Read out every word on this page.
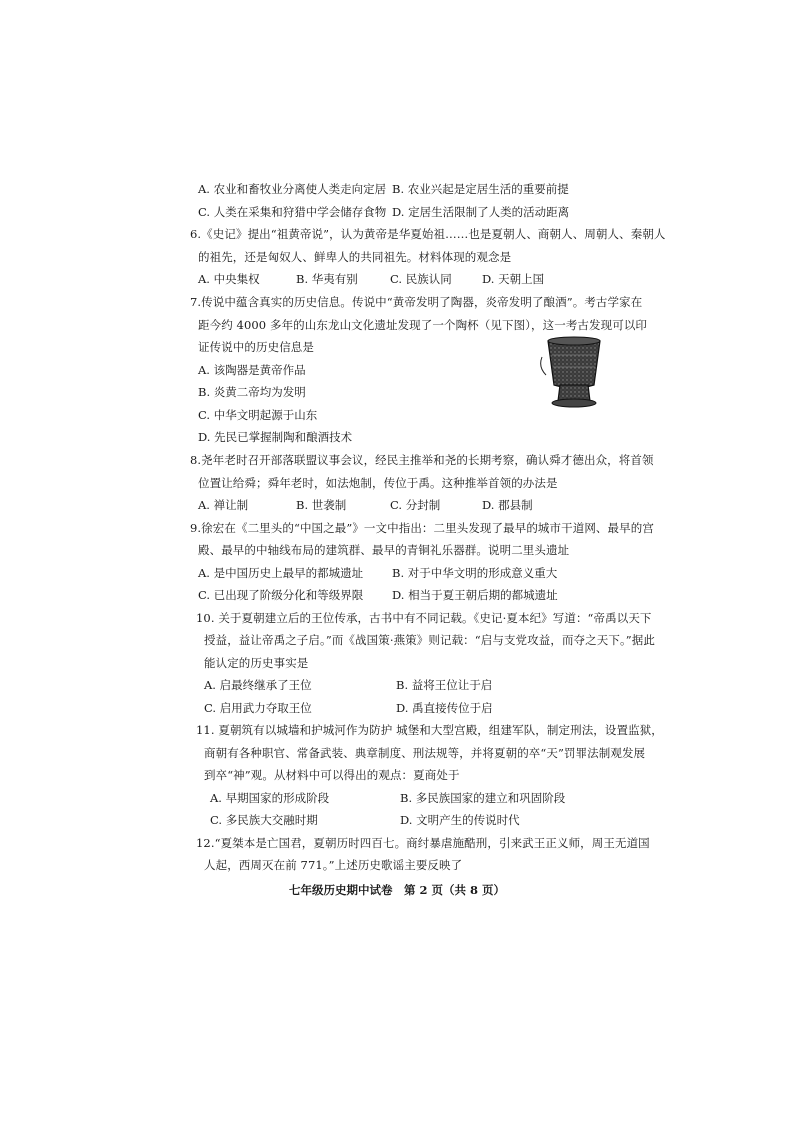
A. 农业和畜牧业分离使人类走向定居 B. 农业兴起是定居生活的重要前提
C. 人类在采集和狩猎中学会储存食物 D. 定居生活限制了人类的活动距离
6.《史记》提出“祖黄帝说”，认为黄帝是华夏始祖……也是夏朝人、商朝人、周朝人、秦朝人
的祖先，还是匈奴人、鲜卑人的共同祖先。材料体现的观念是
A. 中央集权	B. 华夷有别	C. 民族认同	D. 天朝上国
7.传说中蕴含真实的历史信息。传说中“黄帝发明了陶器，炎帝发明了酿酒”。考古学家在
距今约 4000 多年的山东龙山文化遗址发现了一个陶杯（见下图），这一考古发现可以印
证传说中的历史信息是
A. 该陶器是黄帝作品
B. 炎黄二帝均为发明
C. 中华文明起源于山东
D. 先民已掌握制陶和酿酒技术
8.尧年老时召开部落联盟议事会议，经民主推举和尧的长期考察，确认舜才德出众，将首领
位置让给舜；舜年老时，如法炮制，传位于禹。这种推举首领的办法是
A. 禅让制	B. 世袭制	C. 分封制	D. 郡县制
9.徐宏在《二里头的“中国之最”》一文中指出：二里头发现了最早的城市干道网、最早的宫
殿、最早的中轴线布局的建筑群、最早的青铜礼乐器群。说明二里头遗址
A. 是中国历史上最早的都城遗址	B. 对于中华文明的形成意义重大
C. 已出现了阶级分化和等级界限	D. 相当于夏王朝后期的都城遗址
10. 关于夏朝建立后的王位传承，古书中有不同记载。《史记·夏本纪》写道：“帝禹以天下
授益，益让帝禹之子启。”而《战国策·燕策》则记载：“启与支党攻益，而夺之天下。”据此
能认定的历史事实是
A. 启最终继承了王位	B. 益将王位让于启
C. 启用武力夺取王位	D. 禹直接传位于启
11. 夏朝筑有以城墙和护城河作为防护 城堡和大型宫殿，组建军队，制定刑法，设置监狱，
商朝有各种职官、常备武装、典章制度、刑法规等，并将夏朝的卒“天”罚罪法制观发展
到卒“神”观。从材料中可以得出的观点：夏商处于
A. 早期国家的形成阶段	B. 多民族国家的建立和巩固阶段
C. 多民族大交融时期	D. 文明产生的传说时代
12.“夏桀本是亡国君，夏朝历时四百七。商纣暴虐施酷刑，引来武王正义师，周王无道国
人起，西周灭在前 771。”上述历史歌谣主要反映了
七年级历史期中试卷　第 2 页（共 8 页）
